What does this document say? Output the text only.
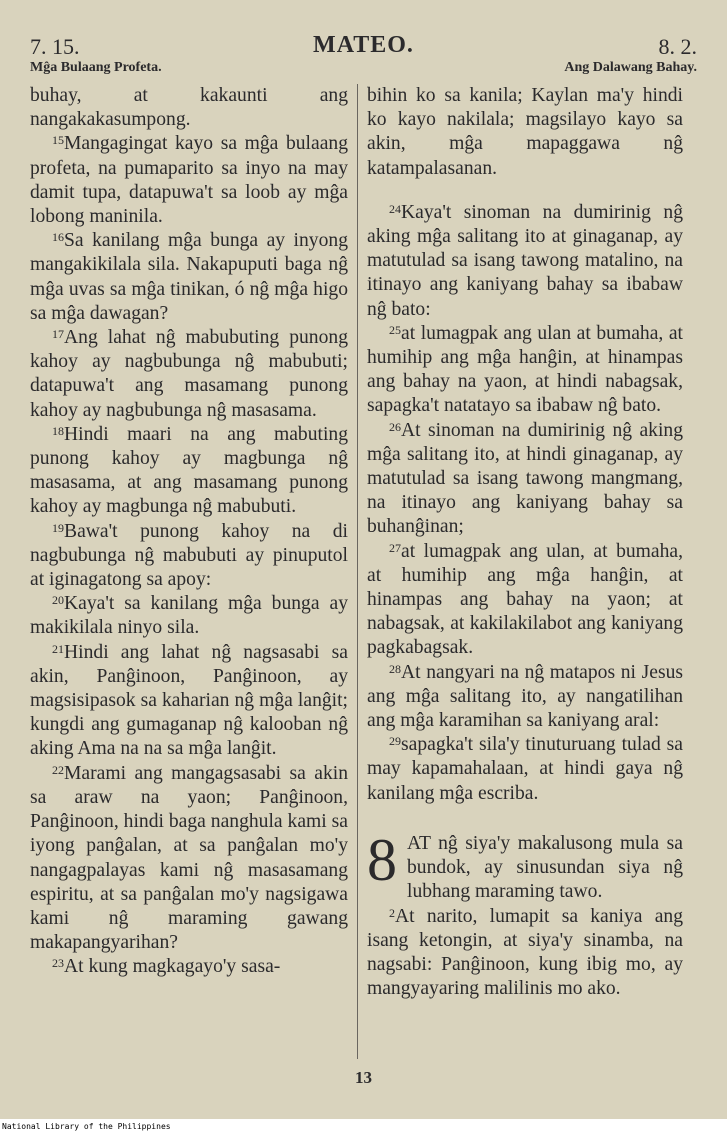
7. 15.	MATEO.	8. 2.
Mĝa Bulaang Profeta.	Ang Dalawang Bahay.

buhay, at kakaunti ang nangakakasumpong.

$^{15}$Mangagingat kayo sa mĝa bulaang profeta, na pumaparito sa inyo na may damit tupa, datapuwa't sa loob ay mĝa lobong maninila.

$^{16}$Sa kanilang mĝa bunga ay inyong mangakikilala sila. Nakapuputi baga nĝ mĝa uvas sa mĝa tinikan, ó nĝ mĝa higo sa mĝa dawagan?

$^{17}$Ang lahat nĝ mabubuting punong kahoy ay nagbubunga nĝ mabubuti; datapuwa't ang masamang punong kahoy ay nagbubunga nĝ masasama.

$^{18}$Hindi maari na ang mabuting punong kahoy ay magbunga nĝ masasama, at ang masamang punong kahoy ay magbunga nĝ mabubuti.

$^{19}$Bawa't punong kahoy na di nagbubunga nĝ mabubuti ay pinuputol at iginagatong sa apoy:

$^{20}$Kaya't sa kanilang mĝa bunga ay makikilala ninyo sila.

$^{21}$Hindi ang lahat nĝ nagsasabi sa akin, Panĝinoon, Panĝinoon, ay magsisipasok sa kaharian nĝ mĝa lanĝit; kungdi ang gumaganap nĝ kalooban nĝ aking Ama na na sa mĝa lanĝit.

$^{22}$Marami ang mangagsasabi sa akin sa araw na yaon; Panĝinoon, Panĝinoon, hindi baga nanghula kami sa iyong panĝalan, at sa panĝalan mo'y nangagpalayas kami nĝ masasamang espiritu, at sa panĝalan mo'y nagsigawa kami nĝ maraming gawang makapangyarihan?

$^{23}$At kung magkagayo'y sasa-

bihin ko sa kanila; Kaylan ma'y hindi ko kayo nakilala; magsilayo kayo sa akin, mĝa mapaggawa nĝ katampalasanan.

$^{24}$Kaya't sinoman na dumirinig nĝ aking mĝa salitang ito at ginaganap, ay matutulad sa isang tawong matalino, na itinayo ang kaniyang bahay sa ibabaw nĝ bato:

$^{25}$at lumagpak ang ulan at bumaha, at humihip ang mĝa hanĝin, at hinampas ang bahay na yaon, at hindi nabagsak, sapagka't natatayo sa ibabaw nĝ bato.

$^{26}$At sinoman na dumirinig nĝ aking mĝa salitang ito, at hindi ginaganap, ay matutulad sa isang tawong mangmang, na itinayo ang kaniyang bahay sa buhanĝinan;

$^{27}$at lumagpak ang ulan, at bumaha, at humihip ang mĝa hanĝin, at hinampas ang bahay na yaon; at nabagsak, at kakilakilabot ang kaniyang pagkabagsak.

$^{28}$At nangyari na nĝ matapos ni Jesus ang mĝa salitang ito, ay nangatilihan ang mĝa karamihan sa kaniyang aral:

$^{29}$sapagka't sila'y tinuturuang tulad sa may kapamahalaan, at hindi gaya nĝ kanilang mĝa escriba.

8 AT nĝ siya'y makalusong mula sa bundok, ay sinusundan siya nĝ lubhang maraming tawo.

$^2$At narito, lumapit sa kaniya ang isang ketongin, at siya'y sinamba, na nagsabi: Panĝinoon, kung ibig mo, ay mangyayaring malilinis mo ako.

13
National Library of the Philippines
